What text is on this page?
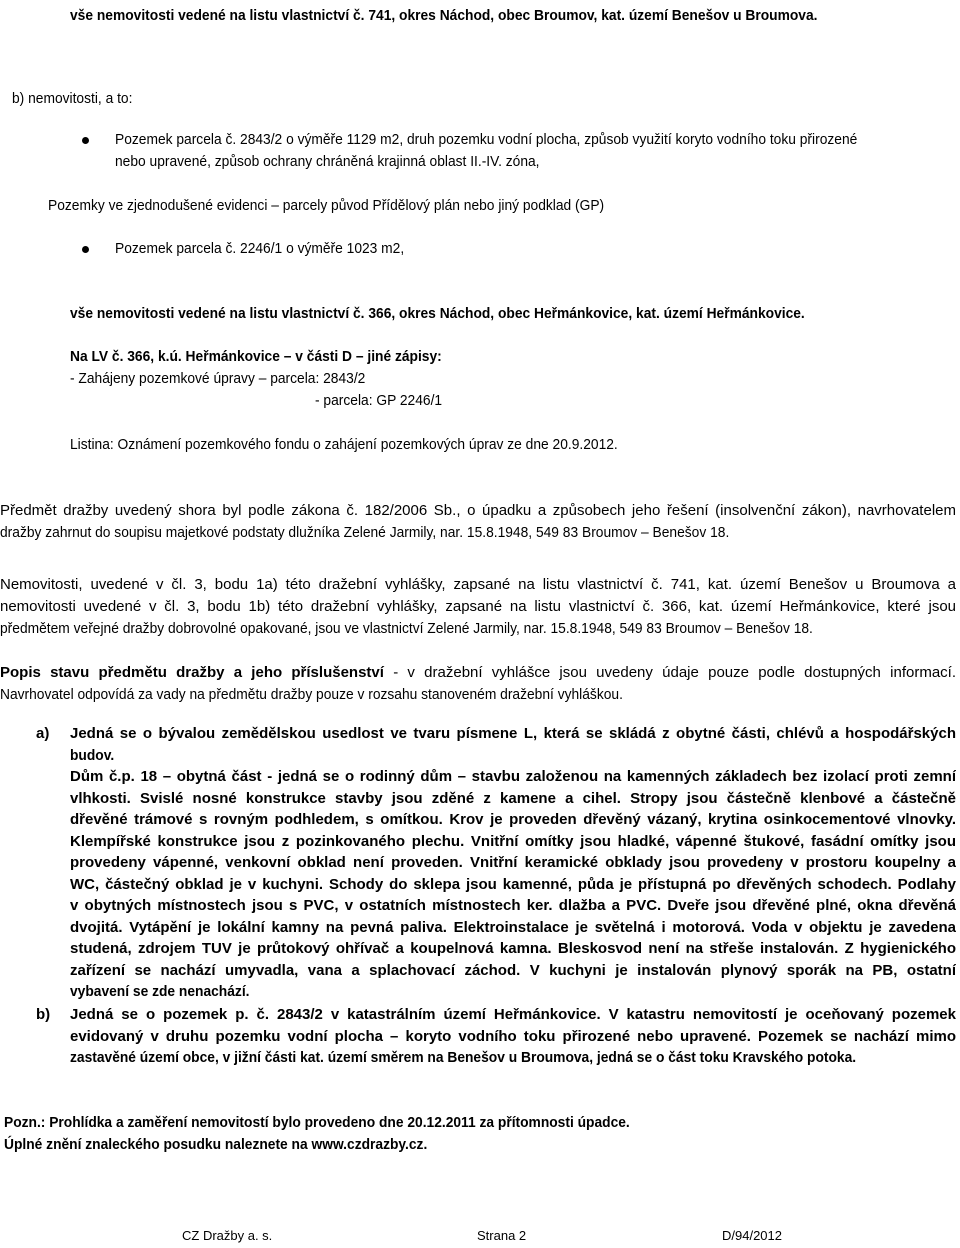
vše nemovitosti vedené na listu vlastnictví č. 741, okres Náchod, obec Broumov, kat. území Benešov u Broumova.
b) nemovitosti, a to:
Pozemek parcela č. 2843/2 o výměře 1129 m2, druh pozemku vodní plocha, způsob využití koryto vodního toku přirozené
nebo upravené, způsob ochrany chráněná krajinná oblast II.-IV. zóna,
Pozemky ve zjednodušené evidenci – parcely původ Přídělový plán nebo jiný podklad (GP)
Pozemek parcela č. 2246/1 o výměře 1023 m2,
vše nemovitosti vedené na listu vlastnictví č. 366, okres Náchod, obec Heřmánkovice, kat. území Heřmánkovice.
Na LV č. 366, k.ú. Heřmánkovice – v části D – jiné zápisy:
- Zahájeny pozemkové úpravy – parcela: 2843/2
- parcela: GP 2246/1
Listina: Oznámení pozemkového fondu o zahájení pozemkových úprav ze dne 20.9.2012.
Předmět dražby uvedený shora byl podle zákona č. 182/2006 Sb., o úpadku a způsobech jeho řešení (insolvenční zákon), navrhovatelem
dražby zahrnut do soupisu majetkové podstaty dlužníka Zelené Jarmily, nar. 15.8.1948, 549 83 Broumov – Benešov 18.
Nemovitosti, uvedené v čl. 3, bodu 1a) této dražební vyhlášky, zapsané na listu vlastnictví č. 741, kat. území Benešov u Broumova a
nemovitosti uvedené v čl. 3, bodu 1b) této dražební vyhlášky, zapsané na listu vlastnictví č. 366, kat. území Heřmánkovice, které jsou
předmětem veřejné dražby dobrovolné opakované, jsou ve vlastnictví Zelené Jarmily, nar. 15.8.1948, 549 83 Broumov – Benešov 18.
Popis stavu předmětu dražby a jeho příslušenství - v dražební vyhlášce jsou uvedeny údaje pouze podle dostupných informací.
Navrhovatel odpovídá za vady na předmětu dražby pouze v rozsahu stanoveném dražební vyhláškou.
a) Jedná se o bývalou zemědělskou usedlost ve tvaru písmene L, která se skládá z obytné části, chlévů a hospodářských
budov.
Dům č.p. 18 – obytná část - jedná se o rodinný dům – stavbu založenou na kamenných základech bez izolací proti zemní
vlhkosti. Svislé nosné konstrukce stavby jsou zděné z kamene a cihel. Stropy jsou částečně klenbové a částečně
dřevěné trámové s rovným podhledem, s omítkou. Krov je proveden dřevěný vázaný, krytina osinkocementové vlnovky.
Klempířské konstrukce jsou z pozinkovaného plechu. Vnitřní omítky jsou hladké, vápenné štukové, fasádní omítky jsou
provedeny vápenné, venkovní obklad není proveden. Vnitřní keramické obklady jsou provedeny v prostoru koupelny a
WC, částečný obklad je v kuchyni. Schody do sklepa jsou kamenné, půda je přístupná po dřevěných schodech. Podlahy
v obytných místnostech jsou s PVC, v ostatních místnostech ker. dlažba a PVC. Dveře jsou dřevěné plné, okna dřevěná
dvojitá. Vytápění je lokální kamny na pevná paliva. Elektroinstalace je světelná i motorová. Voda v objektu je zavedena
studená, zdrojem TUV je průtokový ohřívač a koupelnová kamna. Bleskosvod není na střeše instalován. Z hygienického
zařízení se nachází umyvadla, vana a splachovací záchod. V kuchyni je instalován plynový sporák na PB, ostatní
vybavení se zde nenachází.
b) Jedná se o pozemek p. č. 2843/2 v katastrálním území Heřmánkovice. V katastru nemovitostí je oceňovaný pozemek
evidovaný v druhu pozemku vodní plocha – koryto vodního toku přirozené nebo upravené. Pozemek se nachází mimo
zastavěné území obce, v jižní části kat. území směrem na Benešov u Broumova, jedná se o část toku Kravského potoka.
Pozn.: Prohlídka a zaměření nemovitostí bylo provedeno dne 20.12.2011 za přítomnosti úpadce.
Úplné znění znaleckého posudku naleznete na www.czdrazby.cz.
CZ Dražby a. s.	Strana 2	D/94/2012
